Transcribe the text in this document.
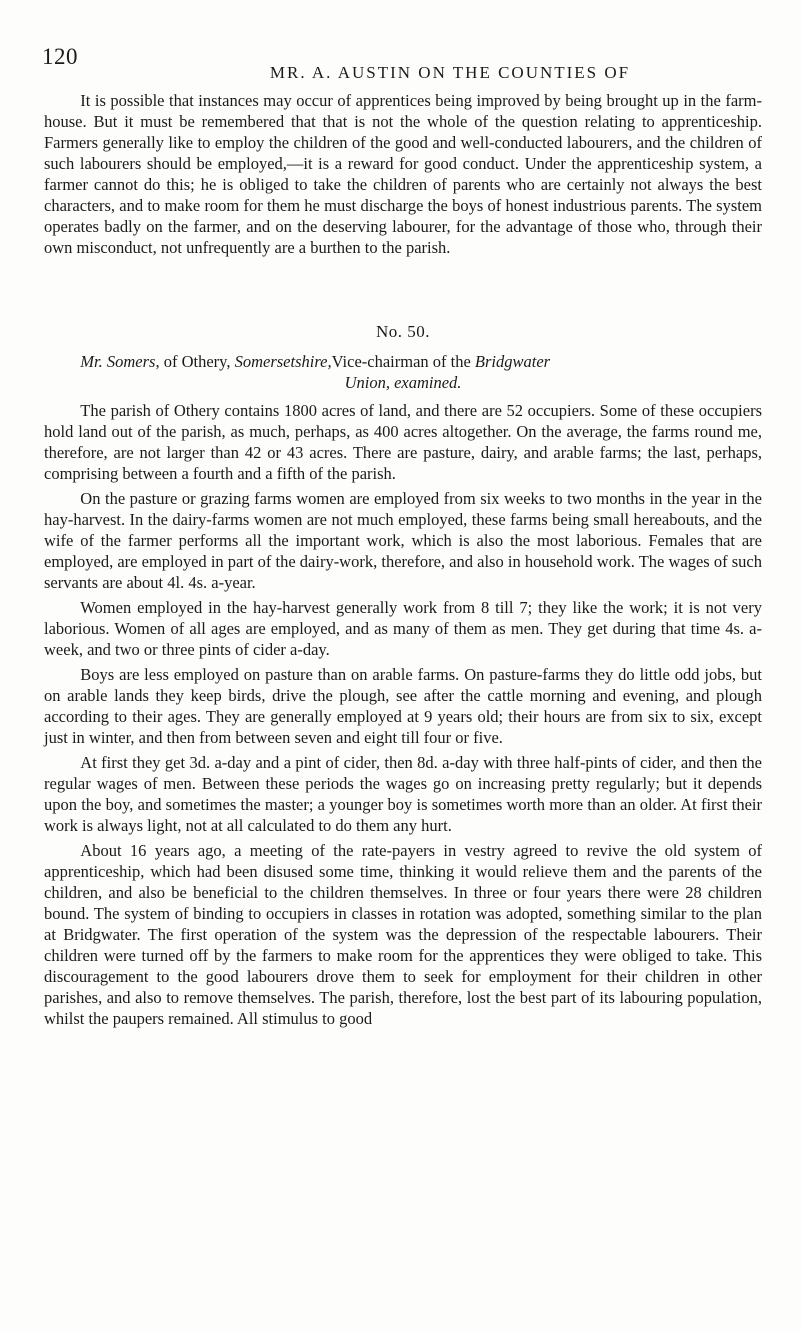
120
MR. A. AUSTIN ON THE COUNTIES OF

It is possible that instances may occur of apprentices being improved by being brought up in the farm-house. But it must be remembered that that is not the whole of the question relating to apprenticeship. Farmers generally like to employ the children of the good and well-conducted labourers, and the children of such labourers should be employed,—it is a reward for good conduct. Under the apprenticeship system, a farmer cannot do this; he is obliged to take the children of parents who are certainly not always the best characters, and to make room for them he must discharge the boys of honest industrious parents. The system operates badly on the farmer, and on the deserving labourer, for the advantage of those who, through their own misconduct, not unfrequently are a burthen to the parish.

No. 50.

Mr. Somers, of Othery, Somersetshire,Vice-chairman of the Bridgwater

Union, examined.

The parish of Othery contains 1800 acres of land, and there are 52 occupiers. Some of these occupiers hold land out of the parish, as much, perhaps, as 400 acres altogether. On the average, the farms round me, therefore, are not larger than 42 or 43 acres. There are pasture, dairy, and arable farms; the last, perhaps, comprising between a fourth and a fifth of the parish.

On the pasture or grazing farms women are employed from six weeks to two months in the year in the hay-harvest. In the dairy-farms women are not much employed, these farms being small hereabouts, and the wife of the farmer performs all the important work, which is also the most laborious. Females that are employed, are employed in part of the dairy-work, therefore, and also in household work. The wages of such servants are about 4l. 4s. a-year.

Women employed in the hay-harvest generally work from 8 till 7; they like the work; it is not very laborious. Women of all ages are employed, and as many of them as men. They get during that time 4s. a-week, and two or three pints of cider a-day.

Boys are less employed on pasture than on arable farms. On pasture-farms they do little odd jobs, but on arable lands they keep birds, drive the plough, see after the cattle morning and evening, and plough according to their ages. They are generally employed at 9 years old; their hours are from six to six, except just in winter, and then from between seven and eight till four or five.

At first they get 3d. a-day and a pint of cider, then 8d. a-day with three half-pints of cider, and then the regular wages of men. Between these periods the wages go on increasing pretty regularly; but it depends upon the boy, and sometimes the master; a younger boy is sometimes worth more than an older. At first their work is always light, not at all calculated to do them any hurt.

About 16 years ago, a meeting of the rate-payers in vestry agreed to revive the old system of apprenticeship, which had been disused some time, thinking it would relieve them and the parents of the children, and also be beneficial to the children themselves. In three or four years there were 28 children bound. The system of binding to occupiers in classes in rotation was adopted, something similar to the plan at Bridgwater. The first operation of the system was the depression of the respectable labourers. Their children were turned off by the farmers to make room for the apprentices they were obliged to take. This discouragement to the good labourers drove them to seek for employment for their children in other parishes, and also to remove themselves. The parish, therefore, lost the best part of its labouring population, whilst the paupers remained. All stimulus to good
